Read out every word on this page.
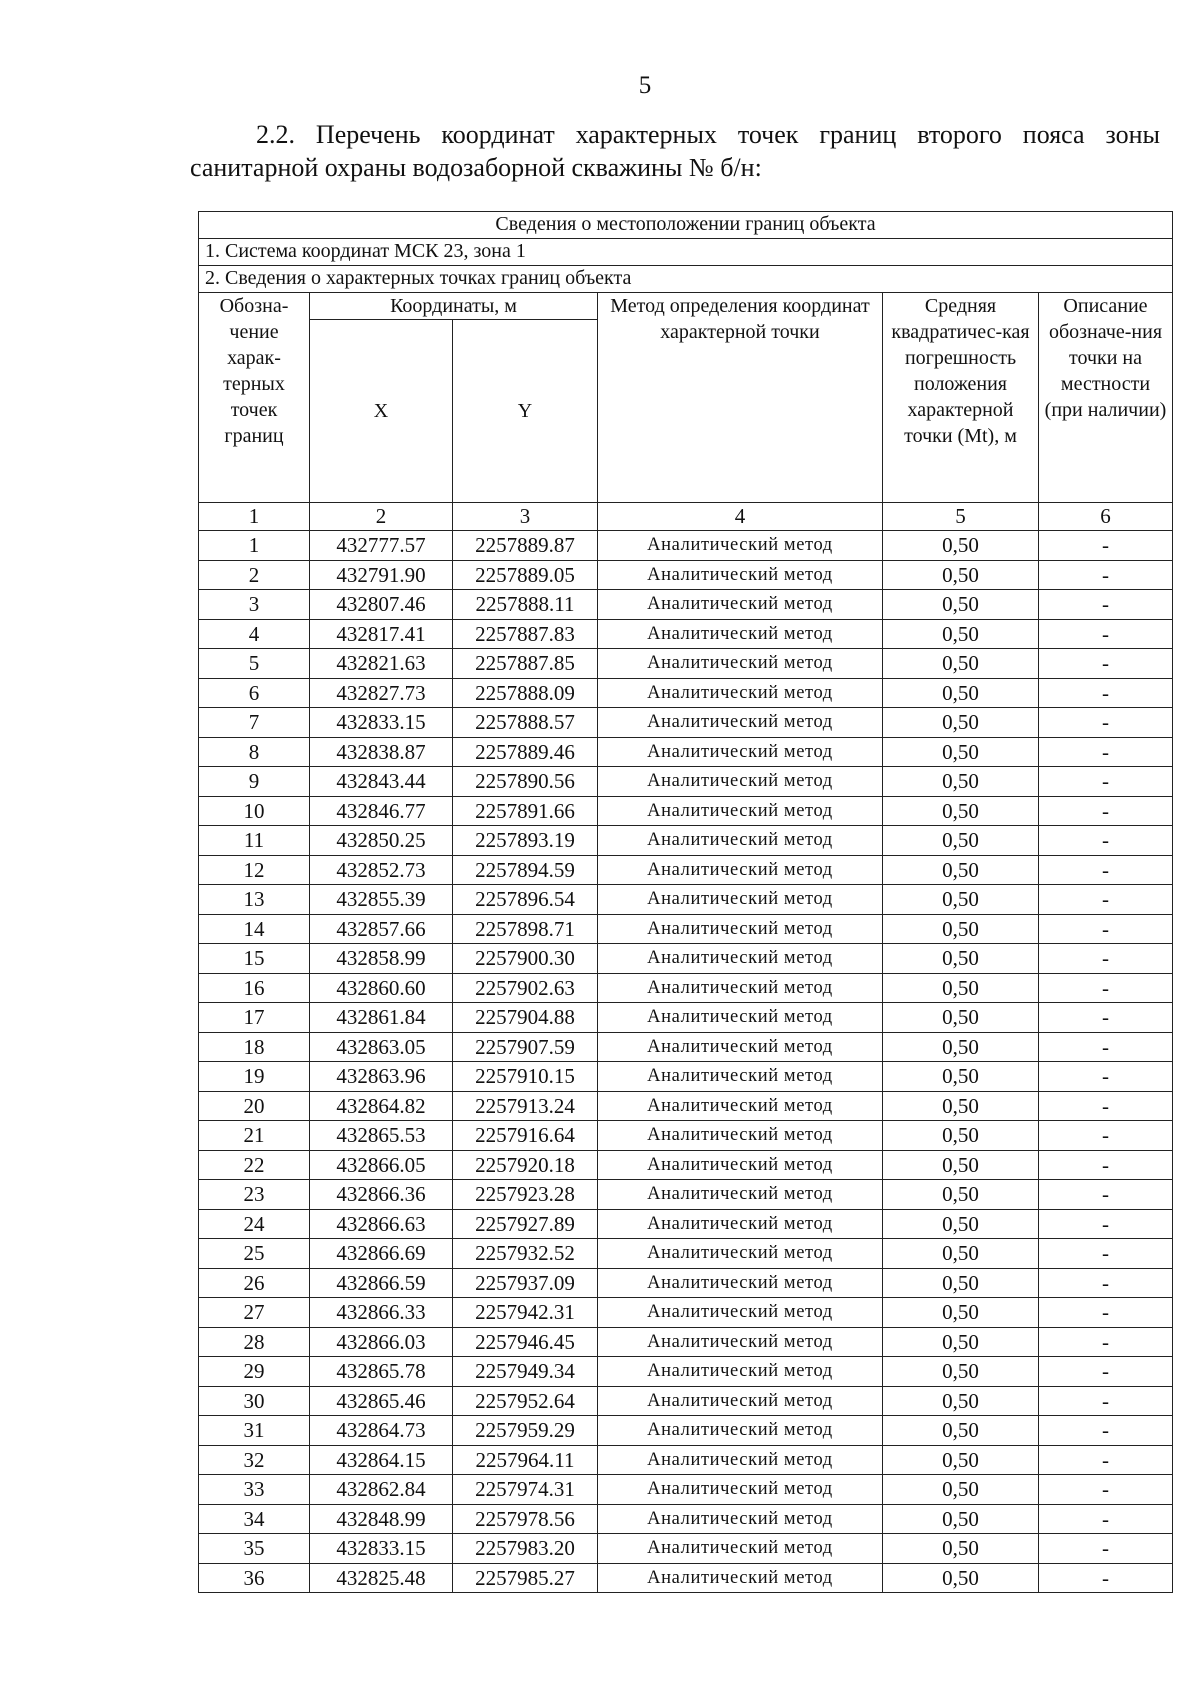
5
2.2. Перечень координат характерных точек границ второго пояса зоны санитарной охраны водозаборной скважины № б/н:
Сведения о местоположении границ объекта					
1. Система координат МСК 23, зона 1					
2. Сведения о характерных точках границ объекта					
Обозна-чение харак-терных точек границ	Координаты, м		Метод определения координат характерной точки	Средняя квадратичес-кая погрешность положения характерной точки (Mt), м	Описание обозначе-ния точки на местности (при наличии)
	X	Y			
1	2	3	4	5	6
1	432777.57	2257889.87	Аналитический метод	0,50	-
2	432791.90	2257889.05	Аналитический метод	0,50	-
3	432807.46	2257888.11	Аналитический метод	0,50	-
4	432817.41	2257887.83	Аналитический метод	0,50	-
5	432821.63	2257887.85	Аналитический метод	0,50	-
6	432827.73	2257888.09	Аналитический метод	0,50	-
7	432833.15	2257888.57	Аналитический метод	0,50	-
8	432838.87	2257889.46	Аналитический метод	0,50	-
9	432843.44	2257890.56	Аналитический метод	0,50	-
10	432846.77	2257891.66	Аналитический метод	0,50	-
11	432850.25	2257893.19	Аналитический метод	0,50	-
12	432852.73	2257894.59	Аналитический метод	0,50	-
13	432855.39	2257896.54	Аналитический метод	0,50	-
14	432857.66	2257898.71	Аналитический метод	0,50	-
15	432858.99	2257900.30	Аналитический метод	0,50	-
16	432860.60	2257902.63	Аналитический метод	0,50	-
17	432861.84	2257904.88	Аналитический метод	0,50	-
18	432863.05	2257907.59	Аналитический метод	0,50	-
19	432863.96	2257910.15	Аналитический метод	0,50	-
20	432864.82	2257913.24	Аналитический метод	0,50	-
21	432865.53	2257916.64	Аналитический метод	0,50	-
22	432866.05	2257920.18	Аналитический метод	0,50	-
23	432866.36	2257923.28	Аналитический метод	0,50	-
24	432866.63	2257927.89	Аналитический метод	0,50	-
25	432866.69	2257932.52	Аналитический метод	0,50	-
26	432866.59	2257937.09	Аналитический метод	0,50	-
27	432866.33	2257942.31	Аналитический метод	0,50	-
28	432866.03	2257946.45	Аналитический метод	0,50	-
29	432865.78	2257949.34	Аналитический метод	0,50	-
30	432865.46	2257952.64	Аналитический метод	0,50	-
31	432864.73	2257959.29	Аналитический метод	0,50	-
32	432864.15	2257964.11	Аналитический метод	0,50	-
33	432862.84	2257974.31	Аналитический метод	0,50	-
34	432848.99	2257978.56	Аналитический метод	0,50	-
35	432833.15	2257983.20	Аналитический метод	0,50	-
36	432825.48	2257985.27	Аналитический метод	0,50	-
